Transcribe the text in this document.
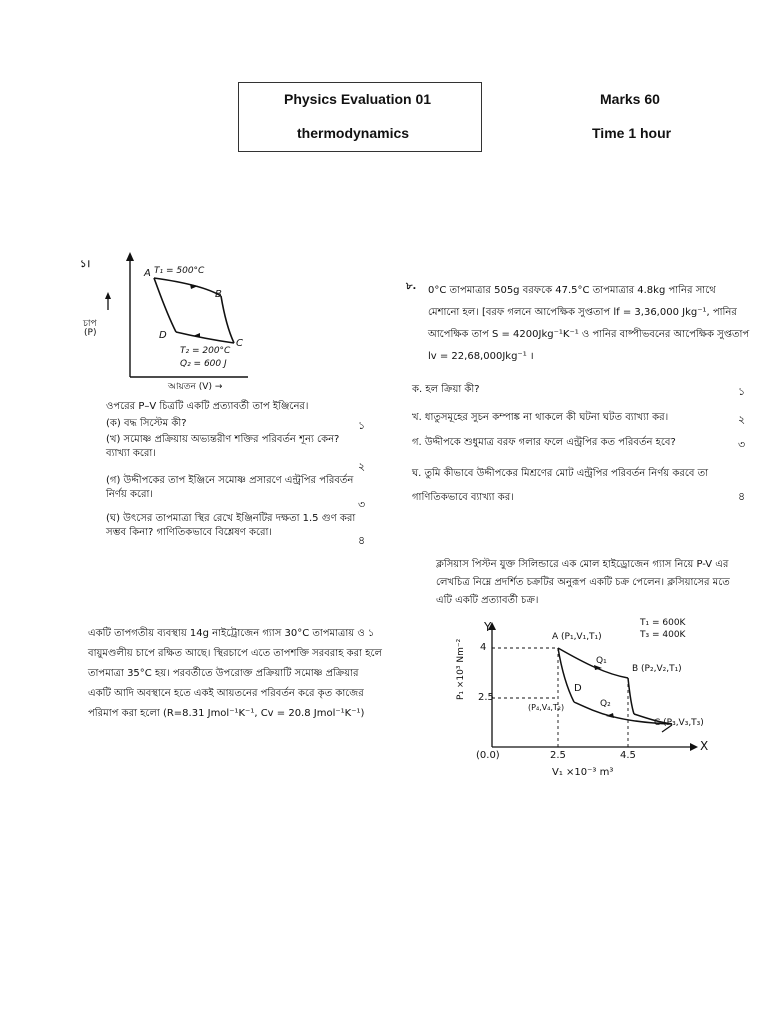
Physics Evaluation 01
thermodynamics
Marks 60
Time 1 hour
১।
A T₁ = 500°C
B
D
C
T₂ = 200°C
Q₂ = 600 J
চাপ
(P)
আয়তন (V) →
ওপরের P–V চিত্রটি একটি প্রত্যাবর্তী তাপ ইঞ্জিনের।
(ক) বদ্ধ সিস্টেম কী?	১
(খ) সমোষ্ণ প্রক্রিয়ায় অভ্যন্তরীণ শক্তির পরিবর্তন শূন্য কেন? ব্যাখ্যা করো।
২
(গ) উদ্দীপকের তাপ ইঞ্জিনে সমোষ্ণ প্রসারণে এন্ট্রপির পরিবর্তন নির্ণয় করো।
৩
(ঘ) উৎসের তাপমাত্রা স্থির রেখে ইঞ্জিনটির দক্ষতা 1.5 গুণ করা সম্ভব কিনা? গাণিতিকভাবে বিশ্লেষণ করো।
৪
৮. 0°C তাপমাত্রার 505g বরফকে 47.5°C তাপমাত্রার 4.8kg পানির সাথে মেশানো হল। [বরফ গলনে আপেক্ষিক সুপ্ততাপ lf = 3,36,000 Jkg⁻¹, পানির আপেক্ষিক তাপ S = 4200Jkg⁻¹K⁻¹ ও পানির বাষ্পীভবনের আপেক্ষিক সুপ্ততাপ lv = 22,68,000Jkg⁻¹ ।
ক. হল ক্রিয়া কী?	১
খ. ধাতুসমূহের সুচন কম্পাঙ্ক না থাকলে কী ঘটনা ঘটত ব্যাখ্যা কর।	২
গ. উদ্দীপকে শুধুমাত্র বরফ গলার ফলে এন্ট্রপির কত পরিবর্তন হবে?	৩
ঘ. তুমি কীভাবে উদ্দীপকের মিশ্রণের মোট এন্ট্রপির পরিবর্তন নির্ণয় করবে তা গাণিতিকভাবে ব্যাখ্যা কর।	৪
একটি তাপগতীয় ব্যবস্থায় 14g নাইট্রোজেন গ্যাস 30°C তাপমাত্রায় ও ১ বায়ুমণ্ডলীয় চাপে রক্ষিত আছে। স্থিরচাপে এতে তাপশক্তি সরবরাহ করা হলে তাপমাত্রা 35°C হয়। পরবর্তীতে উপরোক্ত প্রক্রিয়াটি সমোষ্ণ প্রক্রিয়ার একটি আদি অবস্থানে হতে একই আয়তনের পরিবর্তন করে কৃত কাজের পরিমাপ করা হলো (R=8.31 Jmol⁻¹K⁻¹, Cv = 20.8 Jmol⁻¹K⁻¹)
ক্লসিয়াস পিস্টন যুক্ত সিলিন্ডারে এক মোল হাইড্রোজেন গ্যাস নিয়ে P-V এর লেখচিত্র নিম্নে প্রদর্শিত চক্রটির অনুরূপ একটি চক্র পেলেন। ক্লসিয়াসের মতে এটি একটি প্রত্যাবর্তী চক্র।
T₁ = 600K
T₃ = 400K
Y
X
P₁ ×10³ Nm⁻²
V₁ ×10⁻³ m³
(0.0)
4
2.5
2.5	4.5
A (P₁,V₁,T₁)
B (P₂,V₂,T₁)
C (P₃,V₃,T₃)
D
(P₄,V₄,T₂)
Q₁
Q₂
